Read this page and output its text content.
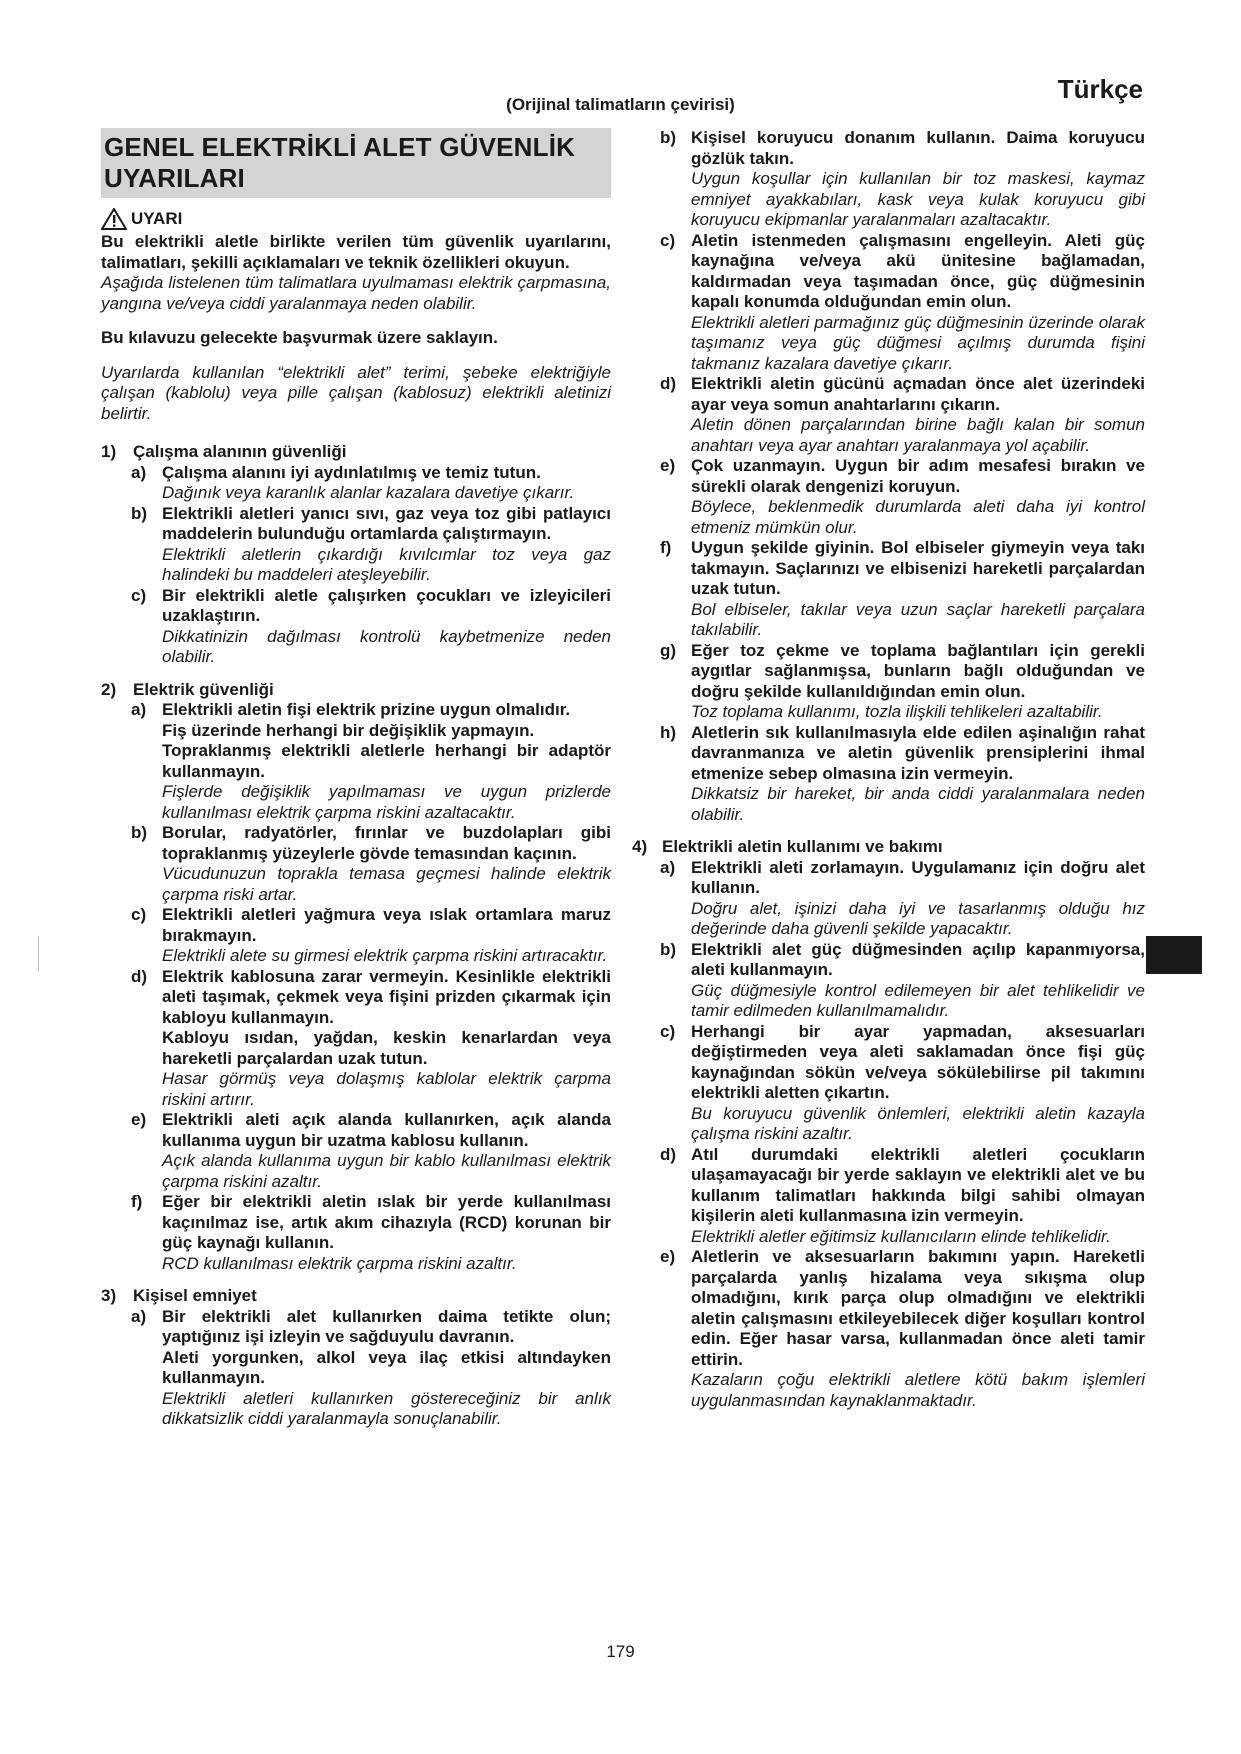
Türkçe
(Orijinal talimatların çevirisi)
GENEL ELEKTRİKLİ ALET GÜVENLİK
UYARILARI
UYARI
Bu elektrikli aletle birlikte verilen tüm güvenlik uyarılarını, talimatları, şekilli açıklamaları ve teknik özellikleri okuyun.
Aşağıda listelenen tüm talimatlara uyulmaması elektrik çarpmasına, yangına ve/veya ciddi yaralanmaya neden olabilir.
Bu kılavuzu gelecekte başvurmak üzere saklayın.
Uyarılarda kullanılan “elektrikli alet” terimi, şebeke elektriğiyle çalışan (kablolu) veya pille çalışan (kablosuz) elektrikli aletinizi belirtir.
1) Çalışma alanının güvenliği
a) Çalışma alanını iyi aydınlatılmış ve temiz tutun.
Dağınık veya karanlık alanlar kazalara davetiye çıkarır.
b) Elektrikli aletleri yanıcı sıvı, gaz veya toz gibi patlayıcı maddelerin bulunduğu ortamlarda çalıştırmayın.
Elektrikli aletlerin çıkardığı kıvılcımlar toz veya gaz halindeki bu maddeleri ateşleyebilir.
c) Bir elektrikli aletle çalışırken çocukları ve izleyicileri uzaklaştırın.
Dikkatinizin dağılması kontrolü kaybetmenize neden olabilir.
2) Elektrik güvenliği
a) Elektrikli aletin fişi elektrik prizine uygun olmalıdır.
Fiş üzerinde herhangi bir değişiklik yapmayın.
Topraklanmış elektrikli aletlerle herhangi bir adaptör kullanmayın.
Fişlerde değişiklik yapılmaması ve uygun prizlerde kullanılması elektrik çarpma riskini azaltacaktır.
b) Borular, radyatörler, fırınlar ve buzdolapları gibi topraklanmış yüzeylerle gövde temasından kaçının.
Vücudunuzun toprakla temasa geçmesi halinde elektrik çarpma riski artar.
c) Elektrikli aletleri yağmura veya ıslak ortamlara maruz bırakmayın.
Elektrikli alete su girmesi elektrik çarpma riskini artıracaktır.
d) Elektrik kablosuna zarar vermeyin. Kesinlikle elektrikli aleti taşımak, çekmek veya fişini prizden çıkarmak için kabloyu kullanmayın.
Kabloyu ısıdan, yağdan, keskin kenarlardan veya hareketli parçalardan uzak tutun.
Hasar görmüş veya dolaşmış kablolar elektrik çarpma riskini artırır.
e) Elektrikli aleti açık alanda kullanırken, açık alanda kullanıma uygun bir uzatma kablosu kullanın.
Açık alanda kullanıma uygun bir kablo kullanılması elektrik çarpma riskini azaltır.
f)	Eğer bir elektrikli aletin ıslak bir yerde kullanılması kaçınılmaz ise, artık akım cihazıyla (RCD) korunan bir güç kaynağı kullanın.
RCD kullanılması elektrik çarpma riskini azaltır.
3) Kişisel emniyet
a) Bir elektrikli alet kullanırken daima tetikte olun; yaptığınız işi izleyin ve sağduyulu davranın.
Aleti yorgunken, alkol veya ilaç etkisi altındayken kullanmayın.
Elektrikli aletleri kullanırken göstereceğiniz bir anlık dikkatsizlik ciddi yaralanmayla sonuçlanabilir.
b) Kişisel koruyucu donanım kullanın. Daima koruyucu gözlük takın.
Uygun koşullar için kullanılan bir toz maskesi, kaymaz emniyet ayakkabıları, kask veya kulak koruyucu gibi koruyucu ekipmanlar yaralanmaları azaltacaktır.
c) Aletin istenmeden çalışmasını engelleyin. Aleti güç kaynağına ve/veya akü ünitesine bağlamadan, kaldırmadan veya taşımadan önce, güç düğmesinin kapalı konumda olduğundan emin olun.
Elektrikli aletleri parmağınız güç düğmesinin üzerinde olarak taşımanız veya güç düğmesi açılmış durumda fişini takmanız kazalara davetiye çıkarır.
d) Elektrikli aletin gücünü açmadan önce alet üzerindeki ayar veya somun anahtarlarını çıkarın.
Aletin dönen parçalarından birine bağlı kalan bir somun anahtarı veya ayar anahtarı yaralanmaya yol açabilir.
e) Çok uzanmayın. Uygun bir adım mesafesi bırakın ve sürekli olarak dengenizi koruyun.
Böylece, beklenmedik durumlarda aleti daha iyi kontrol etmeniz mümkün olur.
f)	Uygun şekilde giyinin. Bol elbiseler giymeyin veya takı takmayın. Saçlarınızı ve elbisenizi hareketli parçalardan uzak tutun.
Bol elbiseler, takılar veya uzun saçlar hareketli parçalara takılabilir.
g) Eğer toz çekme ve toplama bağlantıları için gerekli aygıtlar sağlanmışsa, bunların bağlı olduğundan ve doğru şekilde kullanıldığından emin olun.
Toz toplama kullanımı, tozla ilişkili tehlikeleri azaltabilir.
h) Aletlerin sık kullanılmasıyla elde edilen aşinalığın rahat davranmanıza ve aletin güvenlik prensiplerini ihmal etmenize sebep olmasına izin vermeyin.
Dikkatsiz bir hareket, bir anda ciddi yaralanmalara neden olabilir.
4) Elektrikli aletin kullanımı ve bakımı
a) Elektrikli aleti zorlamayın. Uygulamanız için doğru alet kullanın.
Doğru alet, işinizi daha iyi ve tasarlanmış olduğu hız değerinde daha güvenli şekilde yapacaktır.
b) Elektrikli alet güç düğmesinden açılıp kapanmıyorsa, aleti kullanmayın.
Güç düğmesiyle kontrol edilemeyen bir alet tehlikelidir ve tamir edilmeden kullanılmamalıdır.
c) Herhangi bir ayar yapmadan, aksesuarları değiştirmeden veya aleti saklamadan önce fişi güç kaynağından sökün ve/veya sökülebilirse pil takımını elektrikli aletten çıkartın.
Bu koruyucu güvenlik önlemleri, elektrikli aletin kazayla çalışma riskini azaltır.
d) Atıl durumdaki elektrikli aletleri çocukların ulaşamayacağı bir yerde saklayın ve elektrikli alet ve bu kullanım talimatları hakkında bilgi sahibi olmayan kişilerin aleti kullanmasına izin vermeyin.
Elektrikli aletler eğitimsiz kullanıcıların elinde tehlikelidir.
e) Aletlerin ve aksesuarların bakımını yapın. Hareketli parçalarda yanlış hizalama veya sıkışma olup olmadığını, kırık parça olup olmadığını ve elektrikli aletin çalışmasını etkileyebilecek diğer koşulları kontrol edin. Eğer hasar varsa, kullanmadan önce aleti tamir ettirin.
Kazaların çoğu elektrikli aletlere kötü bakım işlemleri uygulanmasından kaynaklanmaktadır.
179
